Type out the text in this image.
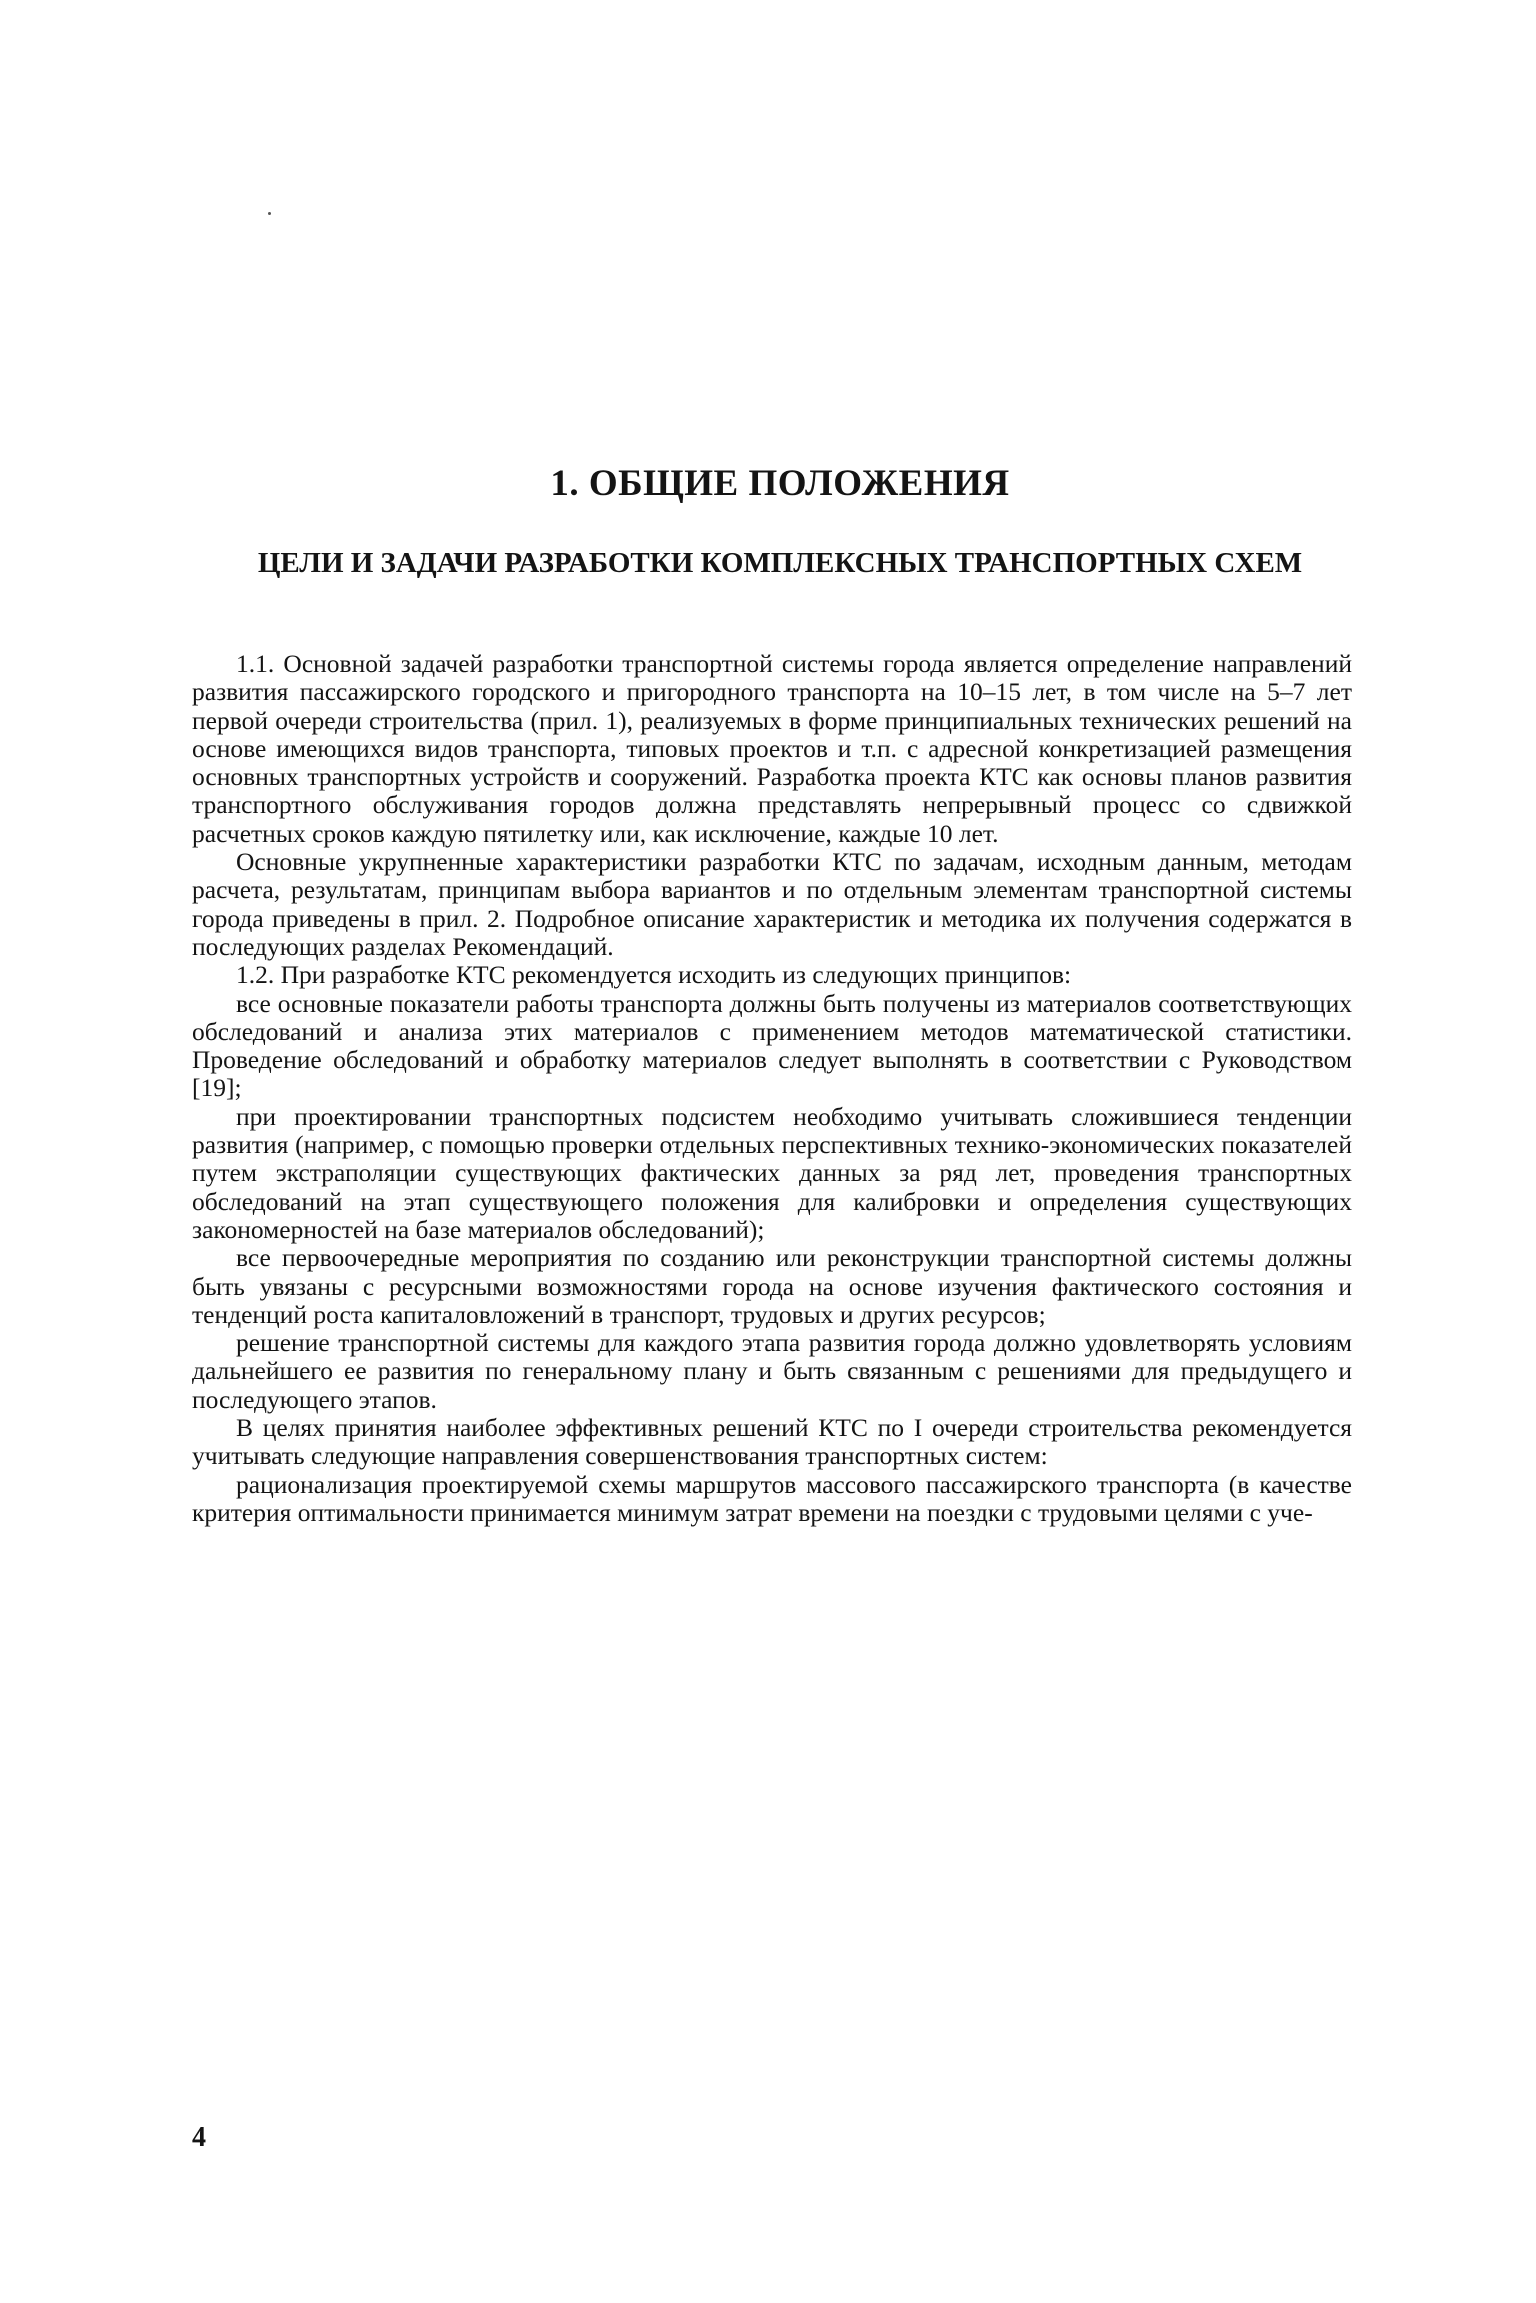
1. ОБЩИЕ ПОЛОЖЕНИЯ
ЦЕЛИ И ЗАДАЧИ РАЗРАБОТКИ КОМПЛЕКСНЫХ ТРАНСПОРТНЫХ СХЕМ

1.1. Основной задачей разработки транспортной системы города является определение направлений развития пассажирского городского и пригородного транспорта на 10–15 лет, в том числе на 5–7 лет первой очереди строительства (прил. 1), реализуемых в форме принципиальных технических решений на основе имеющихся видов транспорта, типовых проектов и т.п. с адресной конкретизацией размещения основных транспортных устройств и сооружений. Разработка проекта КТС как основы планов развития транспортного обслуживания городов должна представлять непрерывный процесс со сдвижкой расчетных сроков каждую пятилетку или, как исключение, каждые 10 лет.

Основные укрупненные характеристики разработки КТС по задачам, исходным данным, методам расчета, результатам, принципам выбора вариантов и по отдельным элементам транспортной системы города приведены в прил. 2. Подробное описание характеристик и методика их получения содержатся в последующих разделах Рекомендаций.

1.2. При разработке КТС рекомендуется исходить из следующих принципов:

все основные показатели работы транспорта должны быть получены из материалов соответствующих обследований и анализа этих материалов с применением методов математической статистики. Проведение обследований и обработку материалов следует выполнять в соответствии с Руководством [19];

при проектировании транспортных подсистем необходимо учитывать сложившиеся тенденции развития (например, с помощью проверки отдельных перспективных технико-экономических показателей путем экстраполяции существующих фактических данных за ряд лет, проведения транспортных обследований на этап существующего положения для калибровки и определения существующих закономерностей на базе материалов обследований);

все первоочередные мероприятия по созданию или реконструкции транспортной системы должны быть увязаны с ресурсными возможностями города на основе изучения фактического состояния и тенденций роста капиталовложений в транспорт, трудовых и других ресурсов;

решение транспортной системы для каждого этапа развития города должно удовлетворять условиям дальнейшего ее развития по генеральному плану и быть связанным с решениями для предыдущего и последующего этапов.

В целях принятия наиболее эффективных решений КТС по I очереди строительства рекомендуется учитывать следующие направления совершенствования транспортных систем:

рационализация проектируемой схемы маршрутов массового пассажирского транспорта (в качестве критерия оптимальности принимается минимум затрат времени на поездки с трудовыми целями с уче-

4
